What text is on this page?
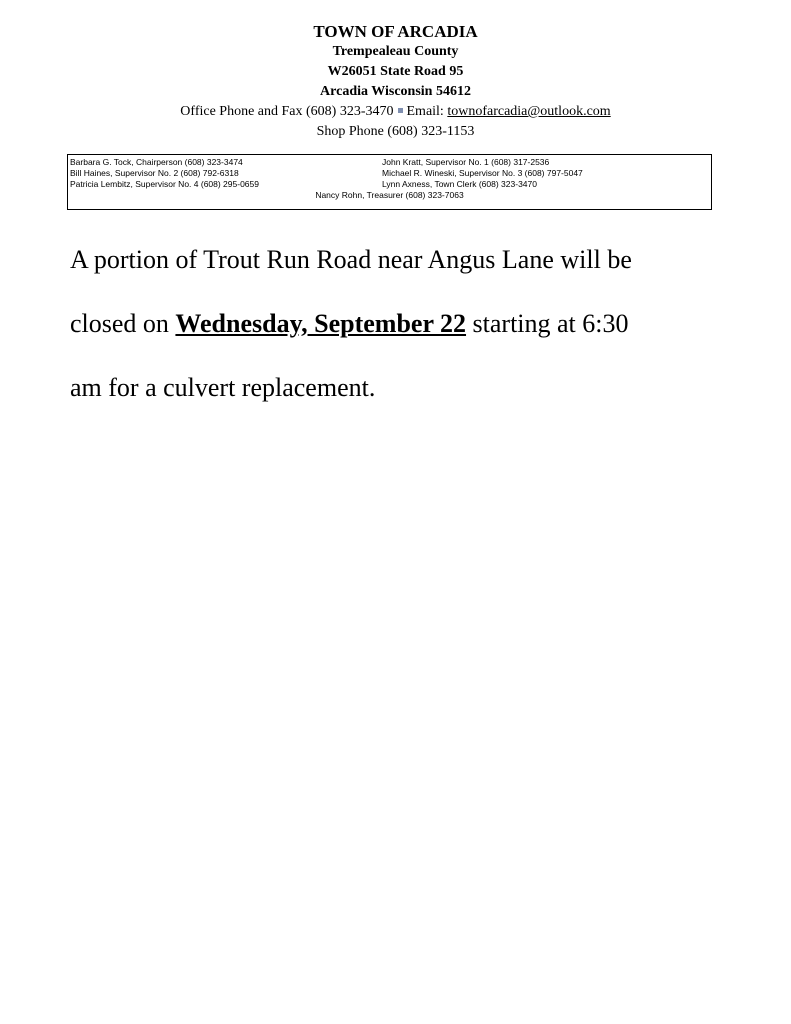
TOWN OF ARCADIA
Trempealeau County
W26051 State Road 95
Arcadia Wisconsin 54612
Office Phone and Fax (608) 323-3470 Email: townofarcadia@outlook.com
Shop Phone (608) 323-1153
Barbara G. Tock, Chairperson (608) 323-3474	John Kratt, Supervisor No. 1 (608) 317-2536
Bill Haines, Supervisor No. 2 (608) 792-6318	Michael R. Wineski, Supervisor No. 3 (608) 797-5047
Patricia Lembitz, Supervisor No. 4 (608) 295-0659	Lynn Axness, Town Clerk (608) 323-3470
Nancy Rohn, Treasurer (608) 323-7063

A portion of Trout Run Road near Angus Lane will be

closed on Wednesday, September 22 starting at 6:30

am for a culvert replacement.
